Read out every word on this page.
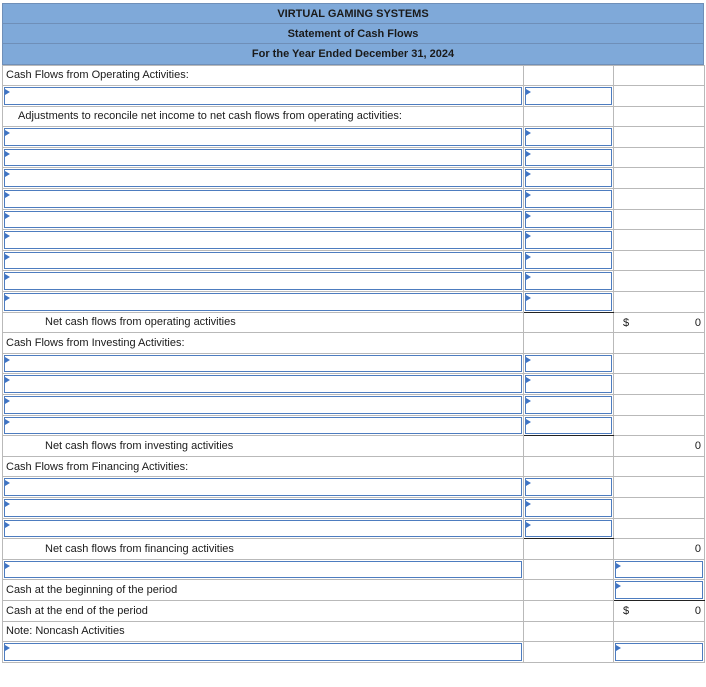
VIRTUAL GAMING SYSTEMS
Statement of Cash Flows
For the Year Ended December 31, 2024
Cash Flows from Operating Activities:		

Adjustments to reconcile net income to net cash flows from operating activities:		

Net cash flows from operating activities		$ 0

Cash Flows from Investing Activities:		

Net cash flows from investing activities		0

Cash Flows from Financing Activities:		

Net cash flows from financing activities		0

Cash at the beginning of the period		

Cash at the end of the period		$ 0

Note: Noncash Activities		
